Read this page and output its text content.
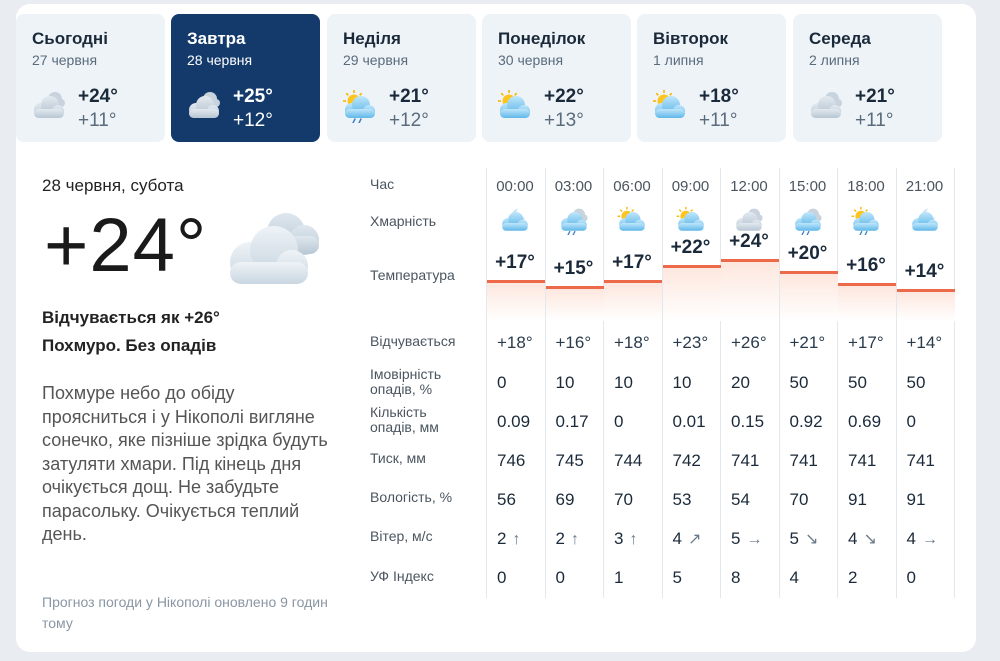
Сьогодні
27 червня
+24°
+11°
Завтра
28 червня
+25°
+12°
Неділя
29 червня
+21°
+12°
Понеділок
30 червня
+22°
+13°
Вівторок
1 липня
+18°
+11°
Середа
2 липня
+21°
+11°
28 червня, субота
+24°
Відчувається як +26°
Похмуро. Без опадів
Похмуре небо до обіду проясниться і у Нікополі вигляне сонечко, яке пізніше зрідка будуть затуляти хмари. Під кінець дня очікується дощ. Не забудьте парасольку. Очікується теплий день.
Прогноз погоди у Нікополі оновлено 9 годин тому
Час
Хмарність
Температура
Відчувається
Імовірність
опадів, %
Кількість
опадів, мм
Тиск, мм
Вологість, %
Вітер, м/с
УФ Індекс
00:00
+17°
+18°
0
0.09
746
56
2 ↑
0
03:00
+15°
+16°
10
0.17
745
69
2 ↑
0
06:00
+17°
+18°
10
0
744
70
3 ↑
1
09:00
+22°
+23°
10
0.01
742
53
4 ↗
5
12:00
+24°
+26°
20
0.15
741
54
5 →
8
15:00
+20°
+21°
50
0.92
741
70
5 ↘
4
18:00
+16°
+17°
50
0.69
741
91
4 ↘
2
21:00
+14°
+14°
50
0
741
91
4 →
0
